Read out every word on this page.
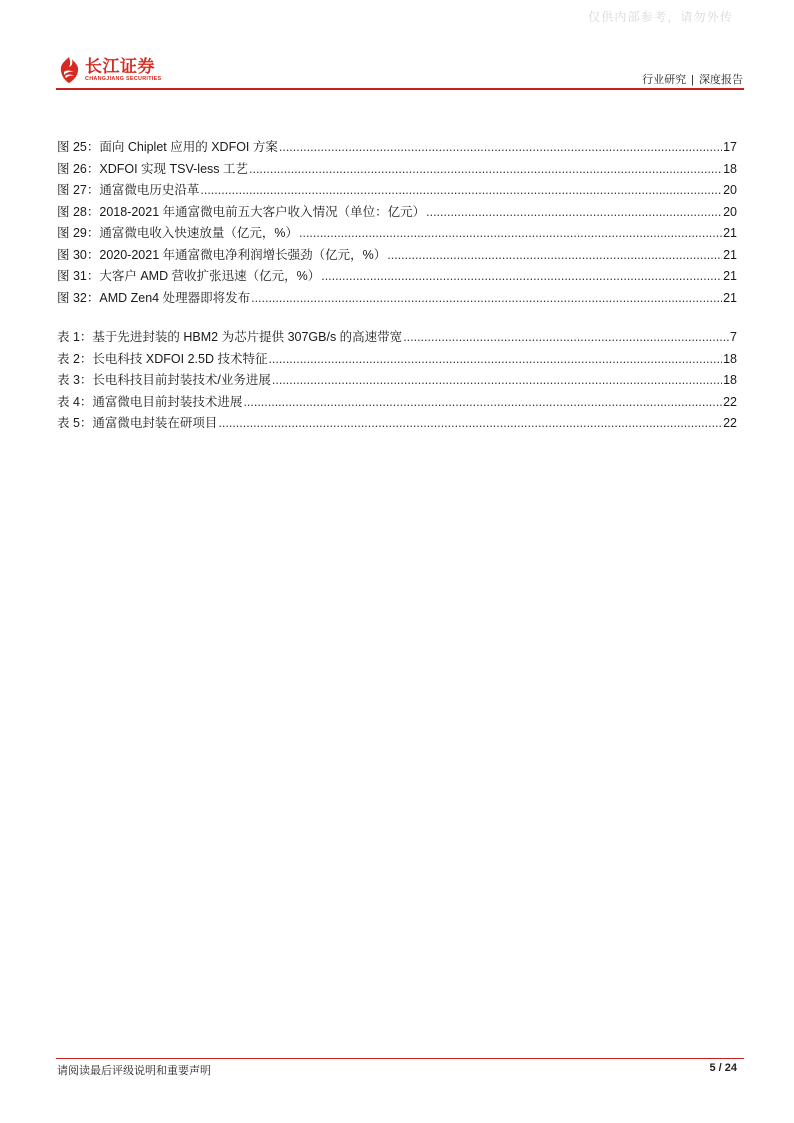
仅供内部参考，请勿外传
长江证券
CHANGJIANG SECURITIES	行业研究 | 深度报告
图 25：面向 Chiplet 应用的 XDFOI 方案 .....	17
图 26：XDFOI 实现 TSV-less 工艺 .....	18
图 27：通富微电历史沿革 .....	20
图 28：2018-2021 年通富微电前五大客户收入情况（单位：亿元） .....	20
图 29：通富微电收入快速放量（亿元，%） .....	21
图 30：2020-2021 年通富微电净利润增长强劲（亿元，%） .....	21
图 31：大客户 AMD 营收扩张迅速（亿元，%） .....	21
图 32：AMD Zen4 处理器即将发布 .....	21
表 1：基于先进封装的 HBM2 为芯片提供 307GB/s 的高速带宽 .....	7
表 2：长电科技 XDFOI 2.5D 技术特征 .....	18
表 3：长电科技目前封装技术/业务进展 .....	18
表 4：通富微电目前封装技术进展 .....	22
表 5：通富微电封装在研项目 .....	22
请阅读最后评级说明和重要声明	5 / 24
